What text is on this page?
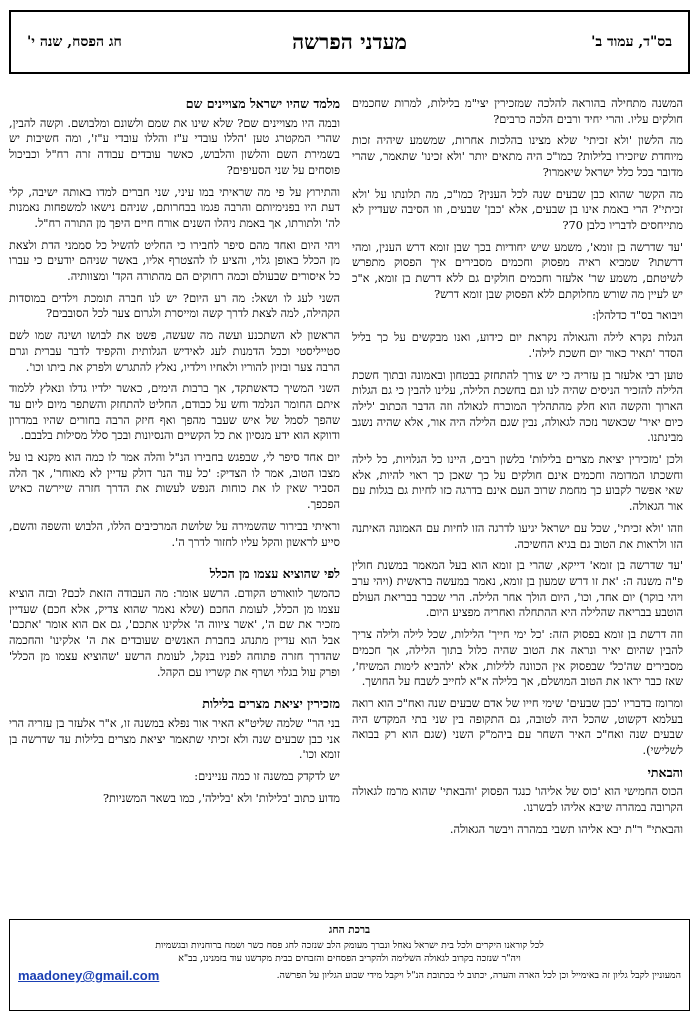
בס"ד, עמוד ב'
מעדני הפרשה
חג הפסח, שנה י'
מלמד שהיו ישראל מצויינים שם

ובמה היו מצויינים שם? שלא שינו את שמם ולשונם ומלבושם. וקשה להבין, שהרי המקטרג טען 'הללו עובדי ע"ז והללו עובדי ע"ז', ומה חשיבות יש בשמירת השם והלשון והלבוש, כאשר עובדים עבודה זרה רח"ל וכביכול פוסחים על שני הסעיפים?

והתירוץ על פי מה שראיתי במו עיני, שני חברים למדו באותה ישיבה, קלי דעת היו בפנימיותם והרבה פגמו בבחרותם, שניהם נישאו למשפחות נאמנות לה' ולתורתו, אך באמת ניהלו השנים אורח חיים היפך מן התורה רח"ל.

ויהי היום ואחד מהם סיפר לחבירו כי החליט להשיל כל סממני הדת ולצאת מן הכלל באופן גלוי, והציע לו להצטרף אליו, באשר שניהם יודעים כי עברו כל איסורים שבעולם וכמה רחוקים הם מהתורה הקד' ומצוותיה.

השני לעג לו ושאל: מה רע היום? יש לנו חברה תומכת וילדים במוסדות הקהילה, למה לצאת לדרך קשה ומייסרת ולגרום צער לכל הסובבים?

הראשון לא השתכנע ועשה מה שעשה, פשט את לבושו ושינה שמו לשם סטייליסטי וככל הדמנות לעג לאידיש הגלותית והקפיד לדבר עברית וגרם הרבה צער ובזיון להוריו ולאחיו וילדיו, נאלץ להתגרש ולפרק את ביתו וכו'.

השני המשיך כדאשתקד, אך ברבות הימים, כאשר ילדיו גדלו ונאלץ ללמוד איתם החומר הנלמד וחש על כבודם, החליט להתחזק והשתפר מיום ליום עד שהפך לסמל של איש שעבר מהפך ואף חיזק הרבה בחורים שהיו במדרון ודווקא הוא ידע מנסיון את כל הקשיים והנסיונות ובכך סלל מסילות בלבבם.

יום אחד סיפר לי, שבפגש בחבירו הנ"ל והלה אמר לו כמה הוא מקנא בו על מצבו הטוב, אמר לו הצדיק: 'כל עוד הנר דולק עדיין לא מאוחר', אך הלה הסביר שאין לו את כוחות הנפש לעשות את הדרך חזרה שיירשה כאיש הפכפך.

וראיתי בבירור שהשמירה על שלושת המרכיבים הללו, הלבוש והשפה והשם, סייע לראשון והקל עליו לחזור לדרך ה'.

לפי שהוציא עצמו מן הכלל

כהמשך לוואורט הקודם. הרשע אומר: מה העבודה הזאת לכם? ובזה הוציא עצמו מן הכלל, לעומת החכם (שלא נאמר שהוא צדיק, אלא חכם) שעדיין מזכיר את שם ה', 'אשר ציווה ה' אלקינו אתכם', גם אם הוא אומר 'אתכם' אבל הוא עדיין מתנהג בחברת האנשים שעובדים את ה' אלקינו' והחכמה שהדרך חזרה פתוחה לפניו בנקל, לעומת הרשע 'שהוציא עצמו מן הכלל' ופרק עול בגלוי ושרף את קשריו עם הקהל.

מזכירין יציאת מצרים בלילות

בני הר" שלמה שליט"א האיר אור נפלא במשנה זו, א"ר אלעזר בן עזריה הרי אני כבן שבעים שנה ולא זכיתי שתאמר יציאת מצרים בלילות עד שדרשה בן זומא וכו'.

יש לדקדק במשנה זו כמה עניינים:

מדוע כתוב 'בלילות' ולא 'בלילה', כמו בשאר המשניות?

המשנה מתחילה בהוראה להלכה שמזכירין יצי"מ בלילות, למרות שחכמים חולקים עליו. והרי יחיד ורבים הלכה כרבים?

מה הלשון 'ולא זכיתי' שלא מצינו בהלכות אחרות, שמשמע שיהיה זכות מיוחדת שיזכירו בלילות? כמו"כ היה מתאים יותר 'ולא זכינו' שתאמר, שהרי מדובר בכל כלל ישראל שיאמרו?

מה הקשר שהוא כבן שבעים שנה לכל הענין? כמו"כ, מה תלונתו על 'ולא זכיתי'? הרי באמת אינו בן שבעים, אלא 'כבן' שבעים, וזו הסיבה שעדיין לא מתייחסים לדבריו כלבן 70?

'עד שדרשה בן זומא', משמע שיש יחודיות בכך שבן זומא דרש הענין, ומהי דרשתו? שמביא ראיה מפסוק וחכמים מסבירים איך הפסוק מתפרש לשיטתם, משמע שר' אלעזר וחכמים חולקים גם ללא דרשת בן זומא, א"כ יש לעיין מה שורש מחלוקתם ללא הפסוק שבן זומא דרש?

ויבואר בס"ד כדלהלן:

הגלות נקרא לילה והגאולה נקראת יום כידוע, ואנו מבקשים על כך בליל הסדר 'תאיר כאור יום חשכת לילה'.

טוען רבי אלעזר בן עזריה כי יש צורך להתחזק בבטחון ובאמונה ובתוך חשכת הלילה להזכיר הניסים שהיה לנו וגם בחשכת הלילה, עלינו להבין כי גם הגלות הארוך והקשה הוא חלק מהתהליך המוכרח לגאולה וזה הדבר הכתוב 'לילה כיום יאיר' שכאשר נזכה לגאולה, נבין שגם הלילה היה אור, אלא שהיה נשגב מבינתנו.

ולכן 'מזכירין יציאת מצרים בלילות' בלשון רבים, היינו כל הגלויות, כל לילה וחשכתו המדומה וחכמים אינם חולקים על כך שאכן כך ראוי להיות, אלא שאי אפשר לקבוע כך מחמת שרוב העם אינם בדרגה כזו לחיות גם בגלות עם אור הגאולה.

וזהו 'ולא זכיתי', שכל עם ישראל יגיעו לדרגה הזו לחיות עם האמונה האיתנה הזו ולראות את הטוב גם בגיא החשיכה.

'עד שדרשה בן זומא' דייקא, שהרי בן זומא הוא בעל המאמר במשנת חולין פ"ה משנה ה: 'את זו דרש שמעון בן זומא, נאמר במעשה בראשית (ויהי ערב ויהי בוקר) יום אחד, וכו', היום הולך אחר הלילה. הרי שכבר בבריאת העולם הוטבע בבריאה שהלילה היא ההתחלה ואחריה מפציע היום.

וזה דרשת בן זומא בפסוק הזה: 'כל ימי חייך' הלילות, שכל לילה ולילה צריך להבין שהיום יאיר ונראה את הטוב שהיה כלול בתוך הלילה, אך חכמים מסבירים שה'כל' שבפסוק אין הכוונה ללילות, אלא 'להביא לימות המשיח', שאז כבר יראו את הטוב המושלם, אך בלילה א"א לחייב לשבח על החושך.

ומרומז בדבריו 'כבן שבעים' שימי חייו של אדם שבעים שנה ואח"כ הוא רואה בעלמא דקשוט, שהכל היה לטובה, גם התקופה בין שני בתי המקדש היה שבעים שנה ואח"כ האיר השחר עם ביהמ"ק השני (שגם הוא רק בבואה לשלישי).

והבאתי

הכוס החמישי הוא 'כוס של אליהו' כנגד הפסוק 'והבאתי' שהוא מרמז לגאולה הקרובה במהרה שיבא אליהו לבשרנו.

והבאתי" ר"ת יבא אליהו תשבי במהרה ויבשר הגאולה.

ברכת החג
לכל קוראנו היקרים ולכל בית ישראל נאחל ונברך מעומק הלב שנזכה לחג פסח כשר ושמח ברוחניות ובגשמיות
ויה"ר שנזכה בקרוב לגאולה השלימה ולהקריב הפסחים והזבחים בבית מקדשנו עוד בזמנינו, בב"א
המעוניין לקבל גליון זה באימייל וכן לכל הארה והערה, יכתוב לי בכתובת הנ"ל ויקבל מידי שבוע הגליון על הפרשה.
maadoney@gmail.com
